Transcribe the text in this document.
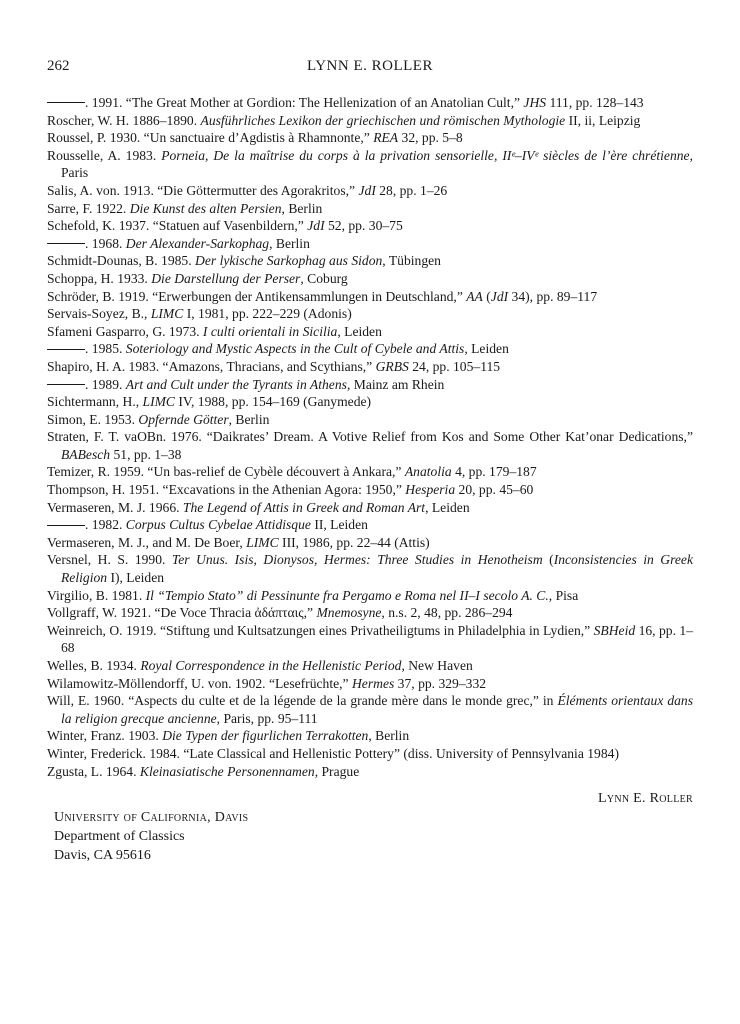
262	LYNN E. ROLLER

. 1991. “The Great Mother at Gordion: The Hellenization of an Anatolian Cult,” JHS 111, pp. 128–143

Roscher, W. H. 1886–1890. Ausführliches Lexikon der griechischen und römischen Mythologie II, ii, Leipzig

Roussel, P. 1930. “Un sanctuaire d’Agdistis à Rhamnonte,” REA 32, pp. 5–8

Rousselle, A. 1983. Porneia, De la maîtrise du corps à la privation sensorielle, IIᵉ–IVᵉ siècles de l’ère chrétienne, Paris

Salis, A. von. 1913. “Die Göttermutter des Agorakritos,” JdI 28, pp. 1–26

Sarre, F. 1922. Die Kunst des alten Persien, Berlin

Schefold, K. 1937. “Statuen auf Vasenbildern,” JdI 52, pp. 30–75

. 1968. Der Alexander-Sarkophag, Berlin

Schmidt-Dounas, B. 1985. Der lykische Sarkophag aus Sidon, Tübingen

Schoppa, H. 1933. Die Darstellung der Perser, Coburg

Schröder, B. 1919. “Erwerbungen der Antikensammlungen in Deutschland,” AA (JdI 34), pp. 89–117

Servais-Soyez, B., LIMC I, 1981, pp. 222–229 (Adonis)

Sfameni Gasparro, G. 1973. I culti orientali in Sicilia, Leiden

. 1985. Soteriology and Mystic Aspects in the Cult of Cybele and Attis, Leiden

Shapiro, H. A. 1983. “Amazons, Thracians, and Scythians,” GRBS 24, pp. 105–115

. 1989. Art and Cult under the Tyrants in Athens, Mainz am Rhein

Sichtermann, H., LIMC IV, 1988, pp. 154–169 (Ganymede)

Simon, E. 1953. Opfernde Götter, Berlin

Straten, F. T. vaOBn. 1976. “Daikrates’ Dream. A Votive Relief from Kos and Some Other Kat’onar Dedications,” BABesch 51, pp. 1–38

Temizer, R. 1959. “Un bas-relief de Cybèle découvert à Ankara,” Anatolia 4, pp. 179–187

Thompson, H. 1951. “Excavations in the Athenian Agora: 1950,” Hesperia 20, pp. 45–60

Vermaseren, M. J. 1966. The Legend of Attis in Greek and Roman Art, Leiden

. 1982. Corpus Cultus Cybelae Attidisque II, Leiden

Vermaseren, M. J., and M. De Boer, LIMC III, 1986, pp. 22–44 (Attis)

Versnel, H. S. 1990. Ter Unus. Isis, Dionysos, Hermes: Three Studies in Henotheism (Inconsistencies in Greek Religion I), Leiden

Virgilio, B. 1981. Il “Tempio Stato” di Pessinunte fra Pergamo e Roma nel II–I secolo A. C., Pisa

Vollgraff, W. 1921. “De Voce Thracia ἀδάπταις,” Mnemosyne, n.s. 2, 48, pp. 286–294

Weinreich, O. 1919. “Stiftung und Kultsatzungen eines Privatheiligtums in Philadelphia in Lydien,” SBHeid 16, pp. 1–68

Welles, B. 1934. Royal Correspondence in the Hellenistic Period, New Haven

Wilamowitz-Möllendorff, U. von. 1902. “Lesefrüchte,” Hermes 37, pp. 329–332

Will, E. 1960. “Aspects du culte et de la légende de la grande mère dans le monde grec,” in Éléments orientaux dans la religion grecque ancienne, Paris, pp. 95–111

Winter, Franz. 1903. Die Typen der figurlichen Terrakotten, Berlin

Winter, Frederick. 1984. “Late Classical and Hellenistic Pottery” (diss. University of Pennsylvania 1984)

Zgusta, L. 1964. Kleinasiatische Personennamen, Prague

Lynn E. Roller
University of California, Davis
Department of Classics
Davis, CA 95616
